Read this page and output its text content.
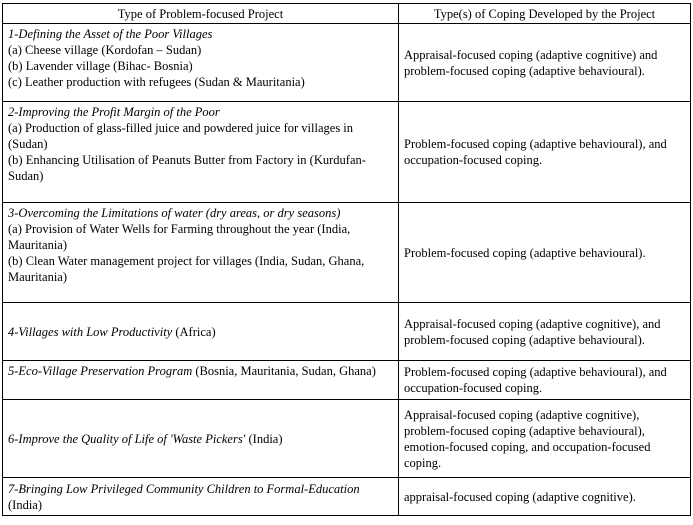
Type of Problem-focused Project	Type(s) of Coping Developed by the Project

1-Defining the Asset of the Poor Villages
(a) Cheese village (Kordofan – Sudan)
(b) Lavender village (Bihac- Bosnia)
(c) Leather production with refugees (Sudan & Mauritania)	Appraisal-focused coping (adaptive cognitive) and problem-focused coping (adaptive behavioural).

2-Improving the Profit Margin of the Poor
(a) Production of glass-filled juice and powdered juice for villages in (Sudan)
(b) Enhancing Utilisation of Peanuts Butter from Factory in (Kurdufan-Sudan)	Problem-focused coping (adaptive behavioural), and occupation-focused coping.

3-Overcoming the Limitations of water (dry areas, or dry seasons)
(a) Provision of Water Wells for Farming throughout the year (India, Mauritania)
(b) Clean Water management project for villages (India, Sudan, Ghana, Mauritania)	Problem-focused coping (adaptive behavioural).
4-Villages with Low Productivity (Africa)	Appraisal-focused coping (adaptive cognitive), and problem-focused coping (adaptive behavioural).
5-Eco-Village Preservation Program (Bosnia, Mauritania, Sudan, Ghana)	Problem-focused coping (adaptive behavioural), and occupation-focused coping.
6-Improve the Quality of Life of 'Waste Pickers' (India)	Appraisal-focused coping (adaptive cognitive), problem-focused coping (adaptive behavioural), emotion-focused coping, and occupation-focused coping.
7-Bringing Low Privileged Community Children to Formal-Education (India)	appraisal-focused coping (adaptive cognitive).
